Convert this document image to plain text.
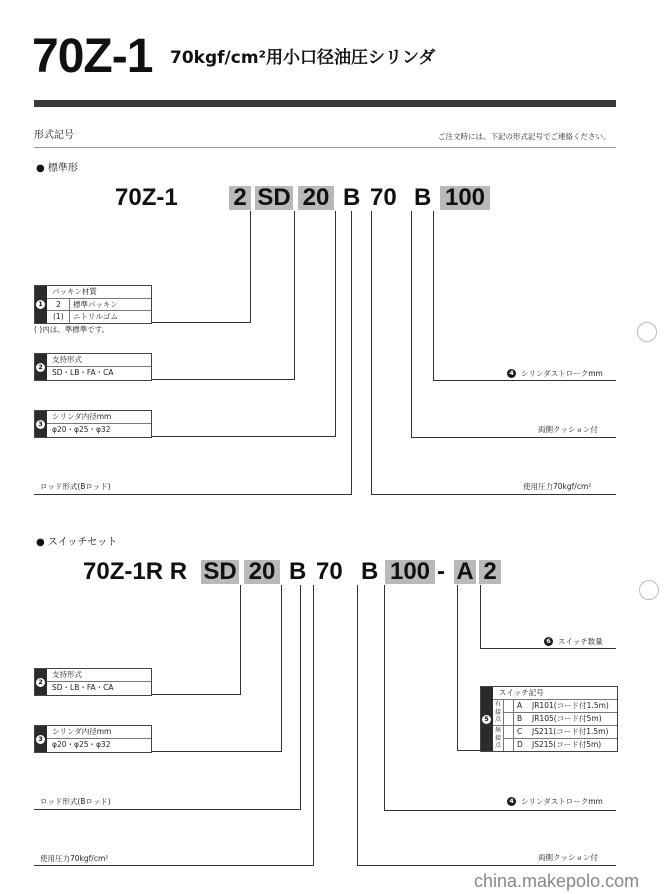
70Z-1 70kgf/cm²用小口径油圧シリンダ
形式記号	ご注文時には、下記の形式記号でご連絡ください。
● 標準形
70Z-1 2 SD 20 B 70 B 100
1
パッキン材質
2 標準パッキン
(1) ニトリルゴム
( )内は、準標準です。
2
支持形式
SD・LB・FA・CA
3
シリンダ内径mm
φ20・φ25・φ32
4 シリンダストロークmm
両側クッション付
ロッド形式(Bロッド)	使用圧力70kgf/cm²
● スイッチセット
70Z-1R R SD 20 B 70 B 100 - A 2
2
支持形式
SD・LB・FA・CA
3
シリンダ内径mm
φ20・φ25・φ32
5
スイッチ記号
A JR101(コード付1.5m)
B JR105(コード付5m)
C JS211(コード付1.5m)
D JS215(コード付5m)
有接点
無接点
6 スイッチ数量
4 シリンダストロークmm
ロッド形式(Bロッド)
使用圧力70kgf/cm²	両側クッション付
china.makepolo.com
